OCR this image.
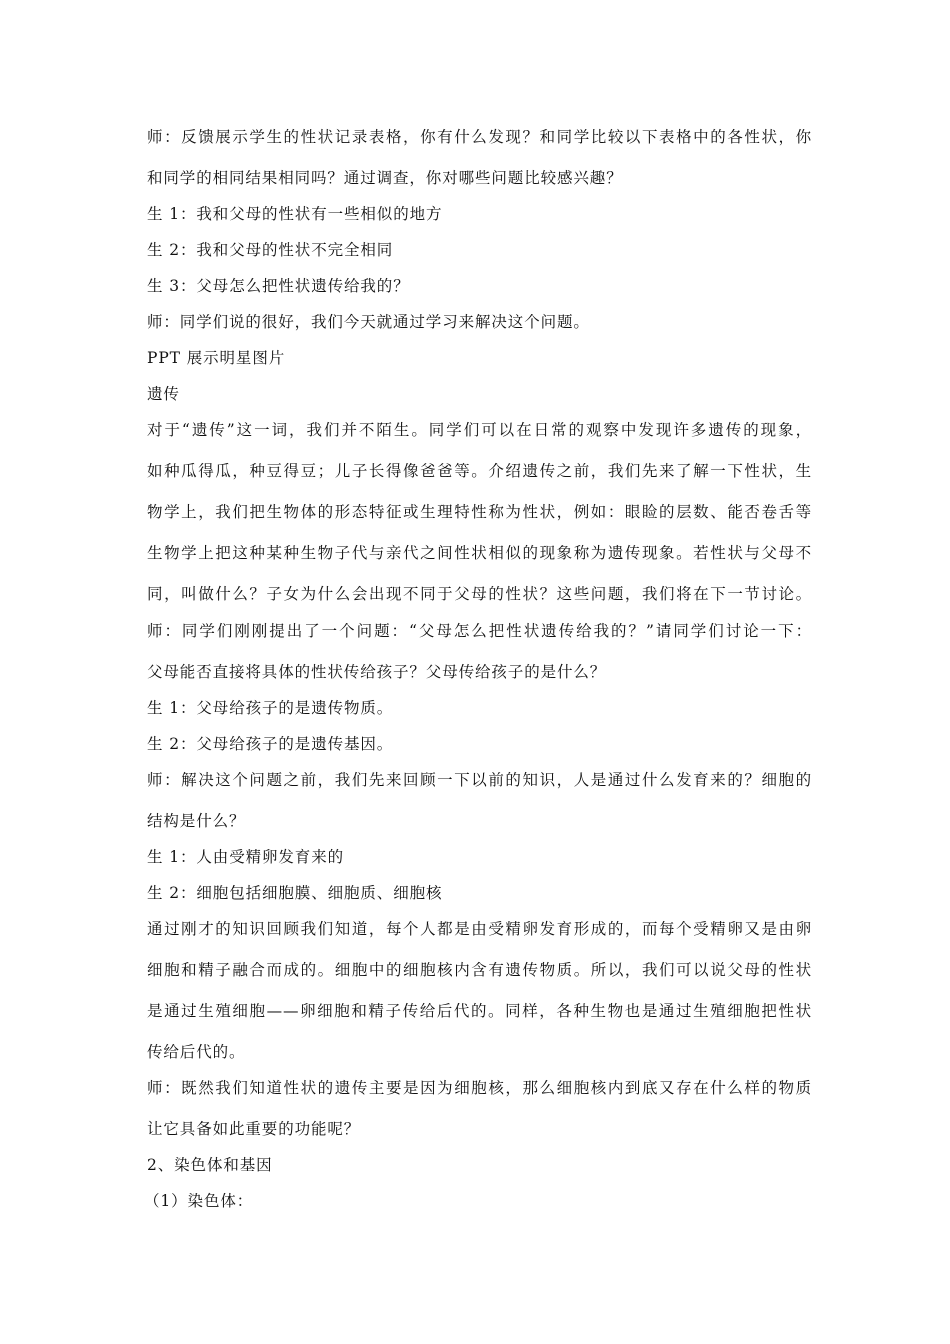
师：反馈展示学生的性状记录表格，你有什么发现？和同学比较以下表格中的各性状，你
和同学的相同结果相同吗？通过调查，你对哪些问题比较感兴趣？
生 1：我和父母的性状有一些相似的地方
生 2：我和父母的性状不完全相同
生 3：父母怎么把性状遗传给我的？
师：同学们说的很好，我们今天就通过学习来解决这个问题。
PPT 展示明星图片
遗传
对于“遗传”这一词，我们并不陌生。同学们可以在日常的观察中发现许多遗传的现象，
如种瓜得瓜，种豆得豆；儿子长得像爸爸等。介绍遗传之前，我们先来了解一下性状，生
物学上，我们把生物体的形态特征或生理特性称为性状，例如：眼睑的层数、能否卷舌等
生物学上把这种某种生物子代与亲代之间性状相似的现象称为遗传现象。若性状与父母不
同，叫做什么？子女为什么会出现不同于父母的性状？这些问题，我们将在下一节讨论。
师：同学们刚刚提出了一个问题：“父母怎么把性状遗传给我的？”请同学们讨论一下：
父母能否直接将具体的性状传给孩子？父母传给孩子的是什么？
生 1：父母给孩子的是遗传物质。
生 2：父母给孩子的是遗传基因。
师：解决这个问题之前，我们先来回顾一下以前的知识，人是通过什么发育来的？细胞的
结构是什么？
生 1：人由受精卵发育来的
生 2：细胞包括细胞膜、细胞质、细胞核
通过刚才的知识回顾我们知道，每个人都是由受精卵发育形成的，而每个受精卵又是由卵
细胞和精子融合而成的。细胞中的细胞核内含有遗传物质。所以，我们可以说父母的性状
是通过生殖细胞——卵细胞和精子传给后代的。同样，各种生物也是通过生殖细胞把性状
传给后代的。
师：既然我们知道性状的遗传主要是因为细胞核，那么细胞核内到底又存在什么样的物质
让它具备如此重要的功能呢？
2、染色体和基因
（1）染色体：
